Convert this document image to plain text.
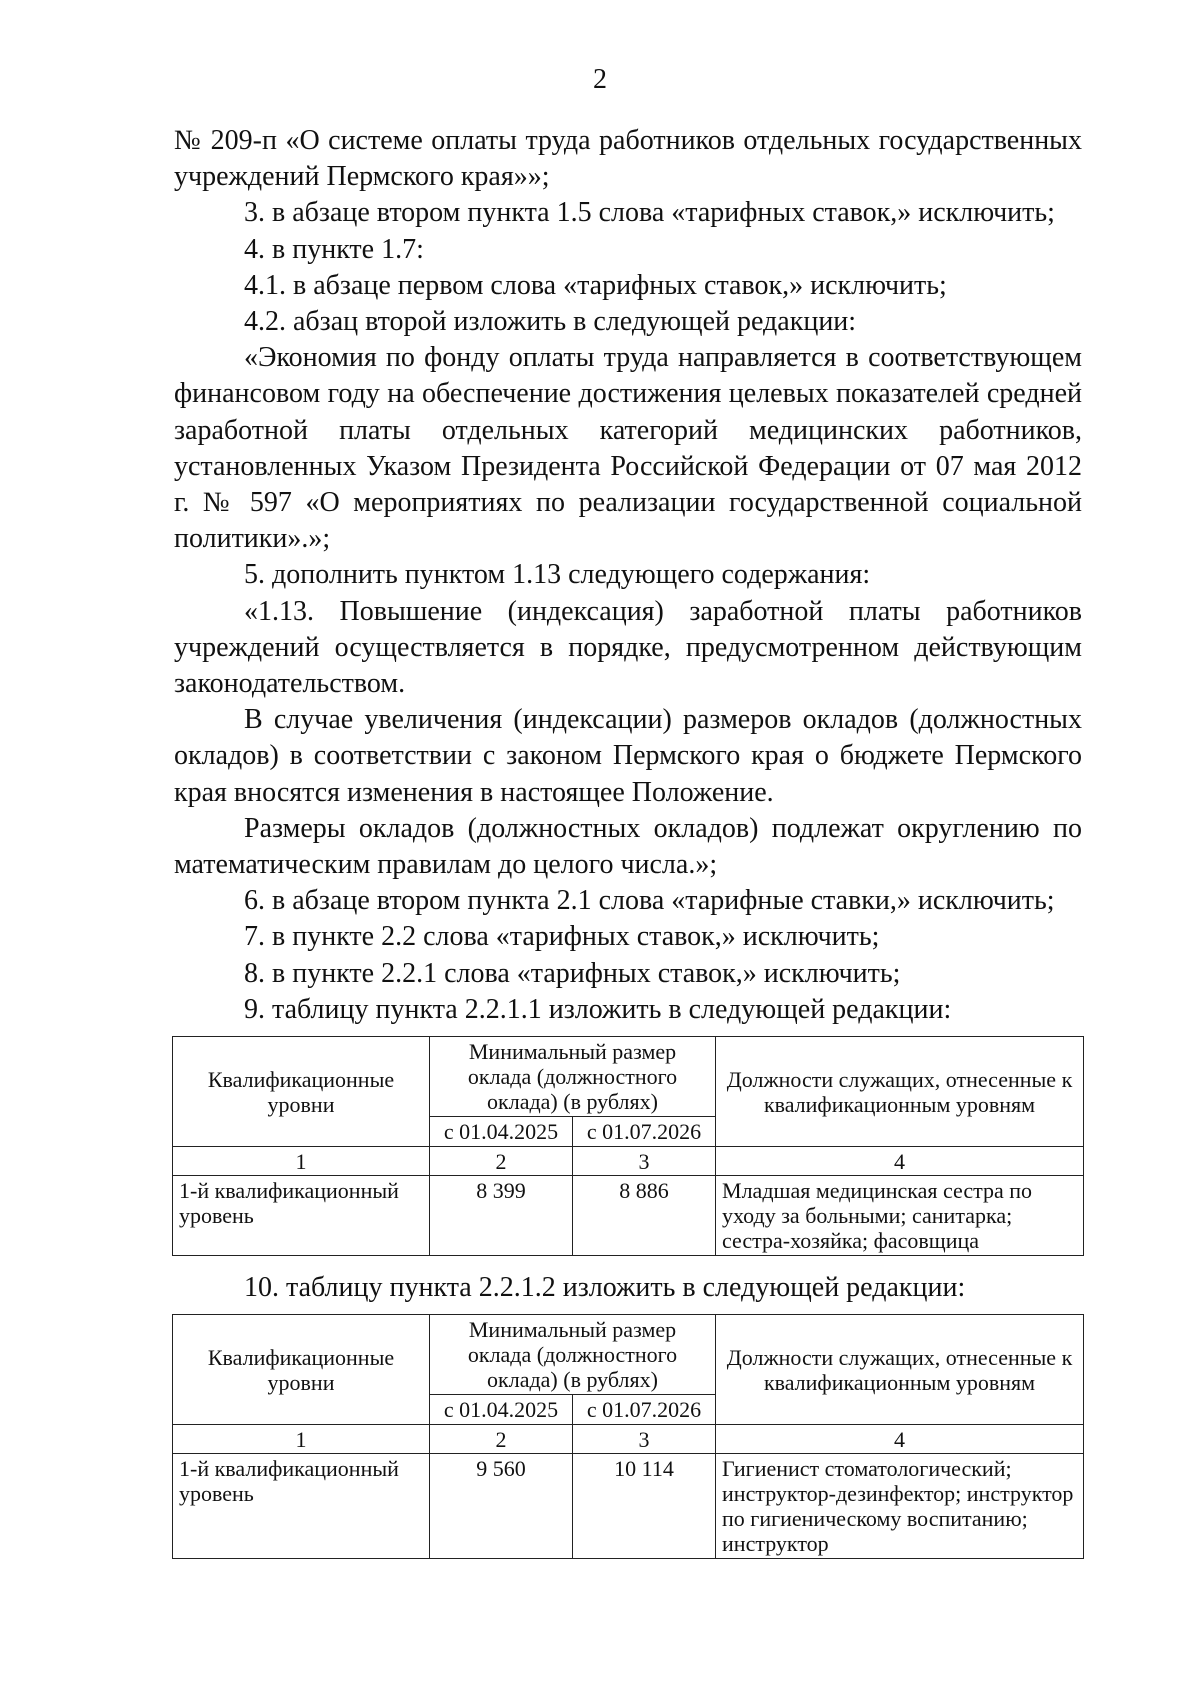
2

№ 209-п «О системе оплаты труда работников отдельных государственных учреждений Пермского края»»;

3. в абзаце втором пункта 1.5 слова «тарифных ставок,» исключить;

4. в пункте 1.7:

4.1. в абзаце первом слова «тарифных ставок,» исключить;

4.2. абзац второй изложить в следующей редакции:

«Экономия по фонду оплаты труда направляется в соответствующем финансовом году на обеспечение достижения целевых показателей средней заработной платы отдельных категорий медицинских работников, установленных Указом Президента Российской Федерации от 07 мая 2012 г. № 597 «О мероприятиях по реализации государственной социальной политики».»;

5. дополнить пунктом 1.13 следующего содержания:

«1.13. Повышение (индексация) заработной платы работников учреждений осуществляется в порядке, предусмотренном действующим законодательством.

В случае увеличения (индексации) размеров окладов (должностных окладов) в соответствии с законом Пермского края о бюджете Пермского края вносятся изменения в настоящее Положение.

Размеры окладов (должностных окладов) подлежат округлению по математическим правилам до целого числа.»;

6. в абзаце втором пункта 2.1 слова «тарифные ставки,» исключить;

7. в пункте 2.2 слова «тарифных ставок,» исключить;

8. в пункте 2.2.1 слова «тарифных ставок,» исключить;

9. таблицу пункта 2.2.1.1 изложить в следующей редакции:

Квалификационные уровни	Минимальный размер оклада (должностного оклада) (в рублях)		Должности служащих, отнесенные к квалификационным уровням
	с 01.04.2025	с 01.07.2026	
1	2	3	4
1-й квалификационный уровень	8 399	8 886	Младшая медицинская сестра по уходу за больными; санитарка; сестра-хозяйка; фасовщица

10. таблицу пункта 2.2.1.2 изложить в следующей редакции:

Квалификационные уровни	Минимальный размер оклада (должностного оклада) (в рублях)		Должности служащих, отнесенные к квалификационным уровням
	с 01.04.2025	с 01.07.2026	
1	2	3	4
1-й квалификационный уровень	9 560	10 114	Гигиенист стоматологический; инструктор-дезинфектор; инструктор по гигиеническому воспитанию; инструктор
